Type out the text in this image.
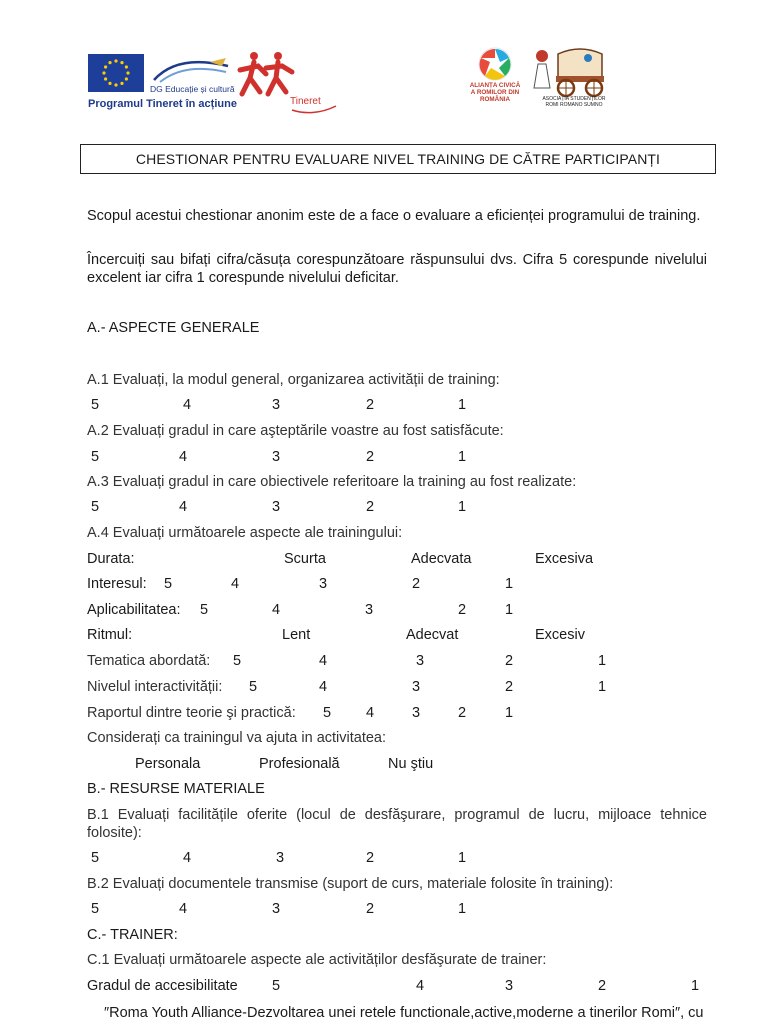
DG Educație și cultură
Programul Tineret în acțiune	Tineret
ALIANȚA CIVICĂ A ROMILOR DIN ROMÂNIA	ASOCIAȚIA STUDENȚILOR ROMI ROMANO SUMNO
CHESTIONAR PENTRU EVALUARE NIVEL TRAINING DE CĂTRE PARTICIPANȚI
Scopul acestui chestionar anonim este de a face o evaluare a eficienței programului de training.
Încercuiți sau bifați cifra/căsuța corespunzătoare răspunsului dvs. Cifra 5 corespunde nivelului excelent iar cifra 1 corespunde nivelului deficitar.
A.- ASPECTE GENERALE
A.1 Evaluați, la modul general, organizarea activității de training:
5	4	3	2	1
A.2 Evaluați gradul in care aşteptările voastre au fost satisfăcute:
5	4	3	2	1
A.3 Evaluați gradul in care obiectivele referitoare la training au fost realizate:
5	4	3	2	1
A.4 Evaluați următoarele aspecte ale trainingului:
Durata:	Scurta	Adecvata	Excesiva
Interesul: 5	4	3	2	1
Aplicabilitatea: 5	4	3	2	1
Ritmul:	Lent	Adecvat	Excesiv
Tematica abordată: 5	4	3	2	1
Nivelul interactivității: 5	4	3	2	1
Raportul dintre teorie şi practică: 5 4	3	2	1
Considerați ca trainingul va ajuta in activitatea:
Personala	Profesională	Nu ştiu
B.- RESURSE MATERIALE
B.1 Evaluați facilitățile oferite (locul de desfăşurare, programul de lucru, mijloace tehnice folosite):
5	4	3	2	1
B.2 Evaluați documentele transmise (suport de curs, materiale folosite în training):
5	4	3	2	1
C.- TRAINER:
C.1 Evaluați următoarele aspecte ale activităților desfăşurate de trainer:
Gradul de accesibilitate 5	4	3	2	1
″Roma Youth Alliance-Dezvoltarea unei retele functionale,active,moderne a tinerilor Romi″, cu
